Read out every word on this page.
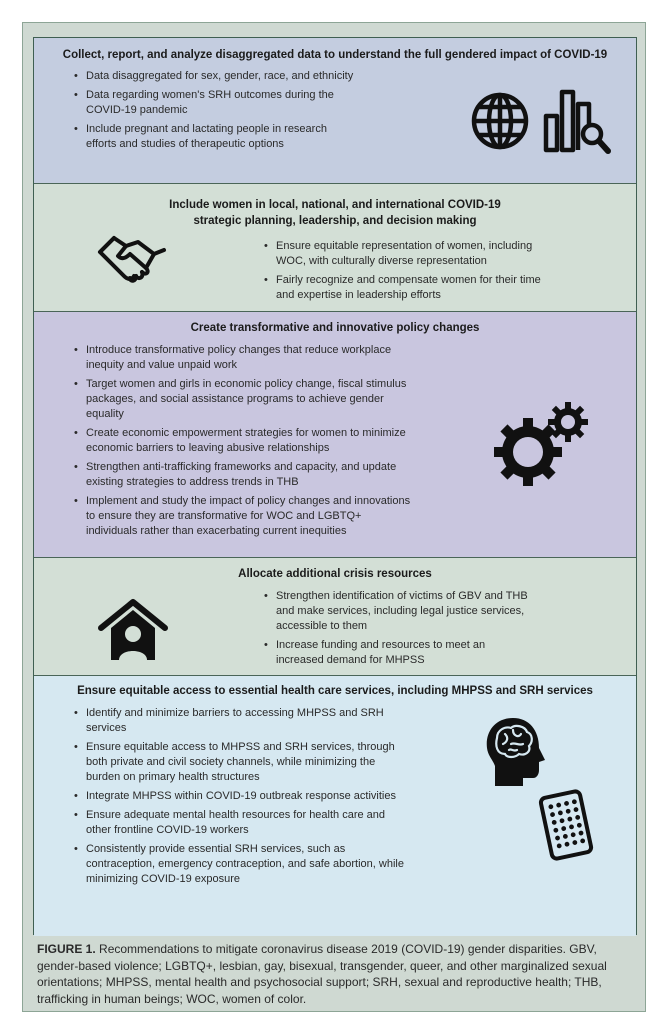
Collect, report, and analyze disaggregated data to understand the full gendered impact of COVID-19
• Data disaggregated for sex, gender, race, and ethnicity
• Data regarding women's SRH outcomes during the COVID-19 pandemic
• Include pregnant and lactating people in research efforts and studies of therapeutic options
Include women in local, national, and international COVID-19 strategic planning, leadership, and decision making
• Ensure equitable representation of women, including WOC, with culturally diverse representation
• Fairly recognize and compensate women for their time and expertise in leadership efforts
Create transformative and innovative policy changes
• Introduce transformative policy changes that reduce workplace inequity and value unpaid work
• Target women and girls in economic policy change, fiscal stimulus packages, and social assistance programs to achieve gender equality
• Create economic empowerment strategies for women to minimize economic barriers to leaving abusive relationships
• Strengthen anti-trafficking frameworks and capacity, and update existing strategies to address trends in THB
• Implement and study the impact of policy changes and innovations to ensure they are transformative for WOC and LGBTQ+ individuals rather than exacerbating current inequities
Allocate additional crisis resources
• Strengthen identification of victims of GBV and THB and make services, including legal justice services, accessible to them
• Increase funding and resources to meet an increased demand for MHPSS
Ensure equitable access to essential health care services, including MHPSS and SRH services
• Identify and minimize barriers to accessing MHPSS and SRH services
• Ensure equitable access to MHPSS and SRH services, through both private and civil society channels, while minimizing the burden on primary health structures
• Integrate MHPSS within COVID-19 outbreak response activities
• Ensure adequate mental health resources for health care and other frontline COVID-19 workers
• Consistently provide essential SRH services, such as contraception, emergency contraception, and safe abortion, while minimizing COVID-19 exposure

FIGURE 1. Recommendations to mitigate coronavirus disease 2019 (COVID-19) gender disparities. GBV, gender-based violence; LGBTQ+, lesbian, gay, bisexual, transgender, queer, and other marginalized sexual orientations; MHPSS, mental health and psychosocial support; SRH, sexual and reproductive health; THB, trafficking in human beings; WOC, women of color.
